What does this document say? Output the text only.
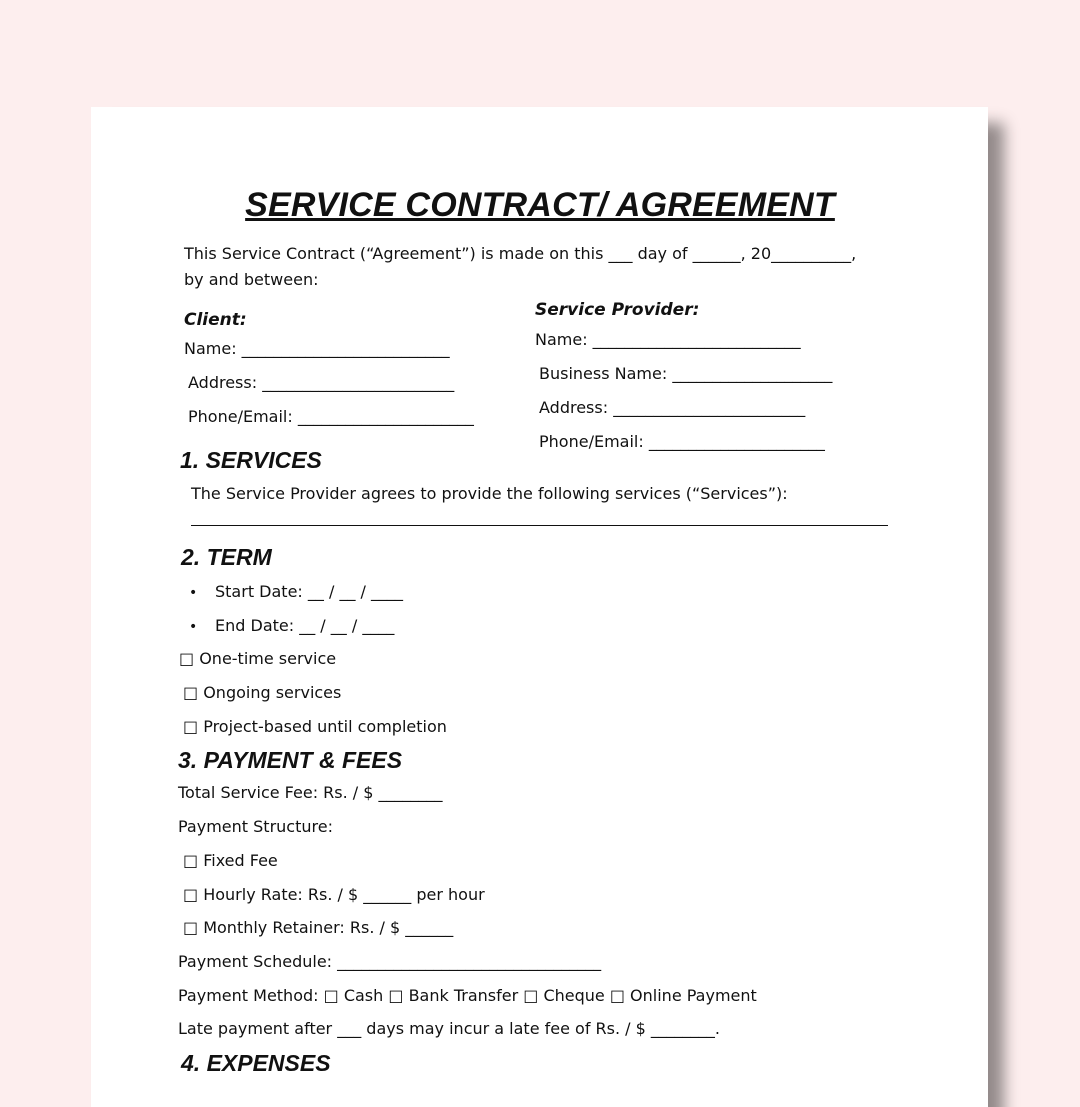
SERVICE CONTRACT/ AGREEMENT
This Service Contract (“Agreement”) is made on this ___ day of ______, 20__________,
by and between:
Client:
Name: __________________________
Address: ________________________
Phone/Email: ______________________
Service Provider:
Name: __________________________
Business Name: ____________________
Address: ________________________
Phone/Email: ______________________
1. SERVICES
The Service Provider agrees to provide the following services (“Services”):
2. TERM
• Start Date: __ / __ / ____
• End Date: __ / __ / ____
□ One-time service
□ Ongoing services
□ Project-based until completion
3. PAYMENT & FEES
Total Service Fee: Rs. / $ ________
Payment Structure:
□ Fixed Fee
□ Hourly Rate: Rs. / $ ______ per hour
□ Monthly Retainer: Rs. / $ ______
Payment Schedule: _________________________________
Payment Method: □ Cash □ Bank Transfer □ Cheque □ Online Payment
Late payment after ___ days may incur a late fee of Rs. / $ ________.
4. EXPENSES
